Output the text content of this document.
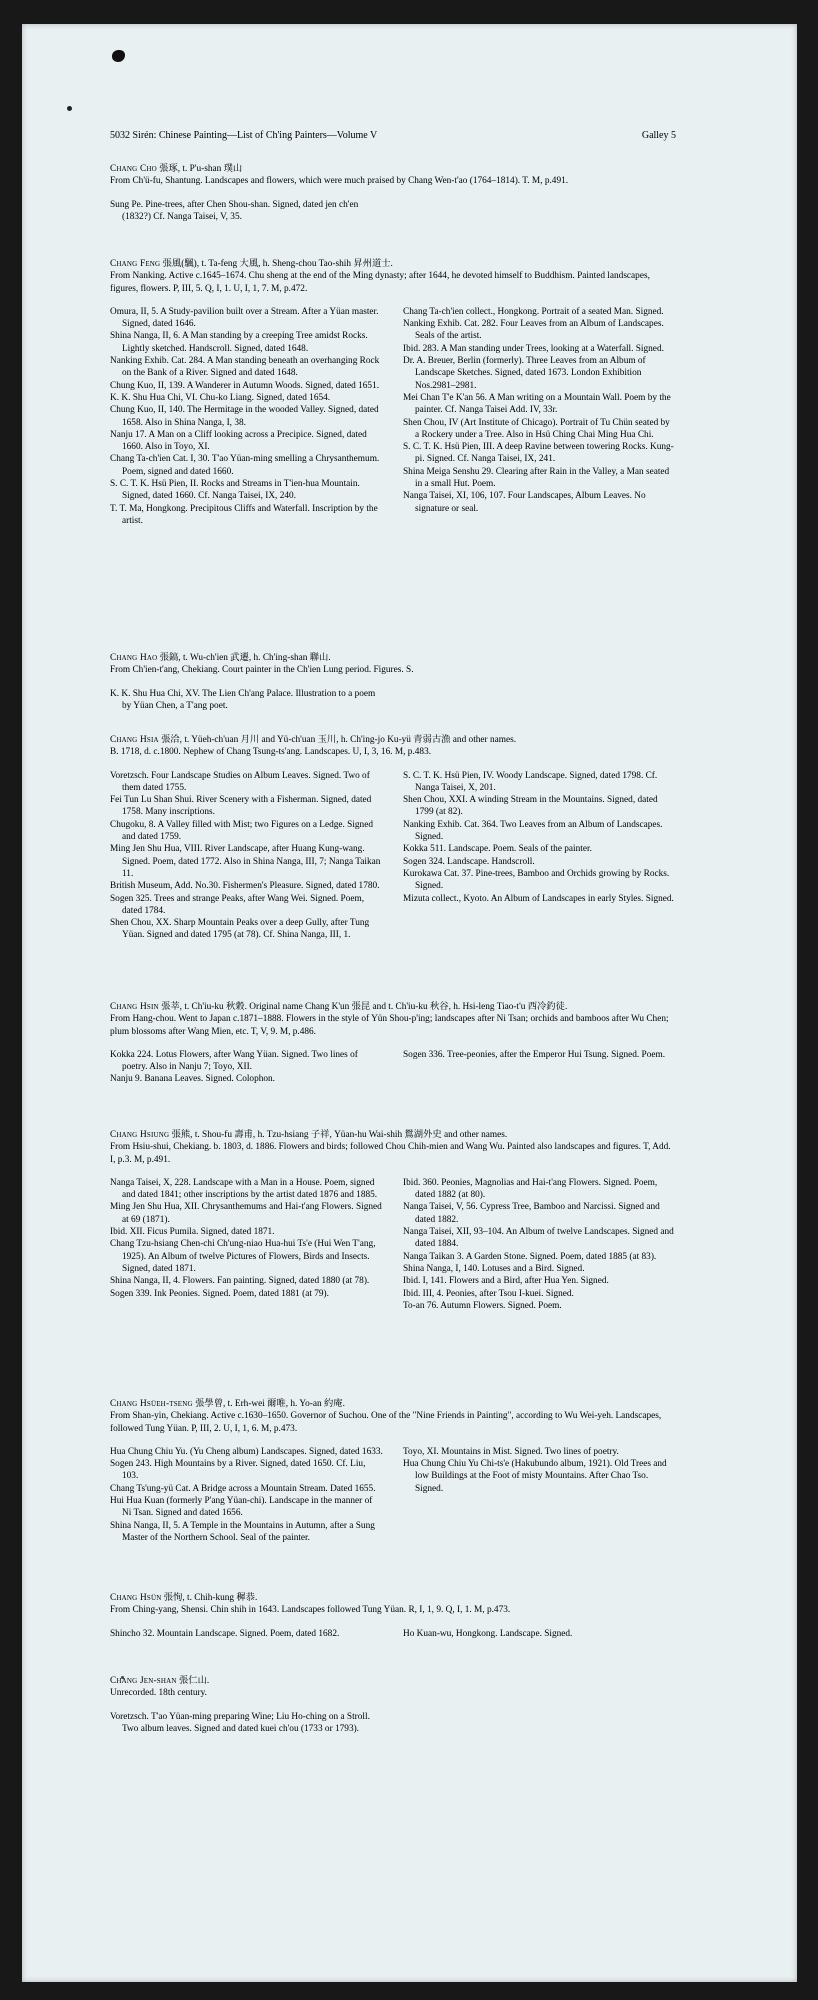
5032 Sirén: Chinese Painting—List of Ch'ing Painters—Volume V	Galley 5

Chang Cho 張琢, t. P'u-shan 璞山

From Ch'ü-fu, Shantung. Landscapes and flowers, which were much praised by Chang Wen-t'ao (1764–1814). T. M, p.491.

Sung Pe. Pine-trees, after Chen Shou-shan. Signed, dated jen ch'en (1832?) Cf. Nanga Taisei, V, 35.

Chang Feng 張風(颿), t. Ta-feng 大風, h. Sheng-chou Tao-shih 昇州道士.

From Nanking. Active c.1645–1674. Chu sheng at the end of the Ming dynasty; after 1644, he devoted himself to Buddhism. Painted landscapes, figures, flowers. P, III, 5. Q, I, 1. U, I, 1, 7. M, p.472.

Omura, II, 5. A Study-pavilion built over a Stream. After a Yüan master. Signed, dated 1646.

Shina Nanga, II, 6. A Man standing by a creeping Tree amidst Rocks. Lightly sketched. Handscroll. Signed, dated 1648.

Nanking Exhib. Cat. 284. A Man standing beneath an overhanging Rock on the Bank of a River. Signed and dated 1648.

Chung Kuo, II, 139. A Wanderer in Autumn Woods. Signed, dated 1651.

K. K. Shu Hua Chi, VI. Chu-ko Liang. Signed, dated 1654.

Chung Kuo, II, 140. The Hermitage in the wooded Valley. Signed, dated 1658. Also in Shina Nanga, I, 38.

Nanju 17. A Man on a Cliff looking across a Precipice. Signed, dated 1660. Also in Toyo, XI.

Chang Ta-ch'ien Cat. I, 30. T'ao Yüan-ming smelling a Chrysanthemum. Poem, signed and dated 1660.

S. C. T. K. Hsü Pien, II. Rocks and Streams in T'ien-hua Mountain. Signed, dated 1660. Cf. Nanga Taisei, IX, 240.

T. T. Ma, Hongkong. Precipitous Cliffs and Waterfall. Inscription by the artist.

Chang Ta-ch'ien collect., Hongkong. Portrait of a seated Man. Signed.

Nanking Exhib. Cat. 282. Four Leaves from an Album of Landscapes. Seals of the artist.

Ibid. 283. A Man standing under Trees, looking at a Waterfall. Signed.

Dr. A. Breuer, Berlin (formerly). Three Leaves from an Album of Landscape Sketches. Signed, dated 1673. London Exhibition Nos.2981–2981.

Mei Chan T'e K'an 56. A Man writing on a Mountain Wall. Poem by the painter. Cf. Nanga Taisei Add. IV, 33r.

Shen Chou, IV (Art Institute of Chicago). Portrait of Tu Chün seated by a Rockery under a Tree. Also in Hsü Ching Chai Ming Hua Chi.

S. C. T. K. Hsü Pien, III. A deep Ravine between towering Rocks. Kung-pi. Signed. Cf. Nanga Taisei, IX, 241.

Shina Meiga Senshu 29. Clearing after Rain in the Valley, a Man seated in a small Hut. Poem.

Nanga Taisei, XI, 106, 107. Four Landscapes, Album Leaves. No signature or seal.

Chang Hao 張鎬, t. Wu-ch'ien 武遷, h. Ch'ing-shan 聯山.

From Ch'ien-t'ang, Chekiang. Court painter in the Ch'ien Lung period. Figures. S.

K. K. Shu Hua Chi, XV. The Lien Ch'ang Palace. Illustration to a poem by Yüan Chen, a T'ang poet.

Chang Hsia 張洽, t. Yüeh-ch'uan 月川 and Yü-ch'uan 玉川, h. Ch'ing-jo Ku-yü 青弱古漁 and other names.

B. 1718, d. c.1800. Nephew of Chang Tsung-ts'ang. Landscapes. U, I, 3, 16. M, p.483.

Voretzsch. Four Landscape Studies on Album Leaves. Signed. Two of them dated 1755.

Fei Tun Lu Shan Shui. River Scenery with a Fisherman. Signed, dated 1758. Many inscriptions.

Chugoku, 8. A Valley filled with Mist; two Figures on a Ledge. Signed and dated 1759.

Ming Jen Shu Hua, VIII. River Landscape, after Huang Kung-wang. Signed. Poem, dated 1772. Also in Shina Nanga, III, 7; Nanga Taikan 11.

British Museum, Add. No.30. Fishermen's Pleasure. Signed, dated 1780.

Sogen 325. Trees and strange Peaks, after Wang Wei. Signed. Poem, dated 1784.

Shen Chou, XX. Sharp Mountain Peaks over a deep Gully, after Tung Yüan. Signed and dated 1795 (at 78). Cf. Shina Nanga, III, 1.

S. C. T. K. Hsü Pien, IV. Woody Landscape. Signed, dated 1798. Cf. Nanga Taisei, X, 201.

Shen Chou, XXI. A winding Stream in the Mountains. Signed, dated 1799 (at 82).

Nanking Exhib. Cat. 364. Two Leaves from an Album of Landscapes. Signed.

Kokka 511. Landscape. Poem. Seals of the painter.

Sogen 324. Landscape. Handscroll.

Kurokawa Cat. 37. Pine-trees, Bamboo and Orchids growing by Rocks. Signed.

Mizuta collect., Kyoto. An Album of Landscapes in early Styles. Signed.

Chang Hsin 張莘, t. Ch'iu-ku 秋穀. Original name Chang K'un 張昆 and t. Ch'iu-ku 秋谷, h. Hsi-leng Tiao-t'u 西冷釣徒.

From Hang-chou. Went to Japan c.1871–1888. Flowers in the style of Yün Shou-p'ing; landscapes after Ni Tsan; orchids and bamboos after Wu Chen; plum blossoms after Wang Mien, etc. T, V, 9. M, p.486.

Kokka 224. Lotus Flowers, after Wang Yüan. Signed. Two lines of poetry. Also in Nanju 7; Toyo, XII.

Nanju 9. Banana Leaves. Signed. Colophon.

Sogen 336. Tree-peonies, after the Emperor Hui Tsung. Signed. Poem.

Chang Hsiung 張熊, t. Shou-fu 壽甫, h. Tzu-hsiang 子祥, Yüan-hu Wai-shih 鴛湖外史 and other names.

From Hsiu-shui, Chekiang. b. 1803, d. 1886. Flowers and birds; followed Chou Chih-mien and Wang Wu. Painted also landscapes and figures. T, Add. I, p.3. M, p.491.

Nanga Taisei, X, 228. Landscape with a Man in a House. Poem, signed and dated 1841; other inscriptions by the artist dated 1876 and 1885.

Ming Jen Shu Hua, XII. Chrysanthemums and Hai-t'ang Flowers. Signed at 69 (1871).

Ibid. XII. Ficus Pumila. Signed, dated 1871.

Chang Tzu-hsiang Chen-chi Ch'ung-niao Hua-hui Ts'e (Hui Wen T'ang, 1925). An Album of twelve Pictures of Flowers, Birds and Insects. Signed, dated 1871.

Shina Nanga, II, 4. Flowers. Fan painting. Signed, dated 1880 (at 78).

Sogen 339. Ink Peonies. Signed. Poem, dated 1881 (at 79).

Ibid. 360. Peonies, Magnolias and Hai-t'ang Flowers. Signed. Poem, dated 1882 (at 80).

Nanga Taisei, V, 56. Cypress Tree, Bamboo and Narcissi. Signed and dated 1882.

Nanga Taisei, XII, 93–104. An Album of twelve Landscapes. Signed and dated 1884.

Nanga Taikan 3. A Garden Stone. Signed. Poem, dated 1885 (at 83).

Shina Nanga, I, 140. Lotuses and a Bird. Signed.

Ibid. I, 141. Flowers and a Bird, after Hua Yen. Signed.

Ibid. III, 4. Peonies, after Tsou I-kuei. Signed.

To-an 76. Autumn Flowers. Signed. Poem.

Chang Hsüeh-tseng 張學曾, t. Erh-wei 爾唯, h. Yo-an 約庵.

From Shan-yin, Chekiang. Active c.1630–1650. Governor of Suchou. One of the "Nine Friends in Painting", according to Wu Wei-yeh. Landscapes, followed Tung Yüan. P, III, 2. U, I, 1, 6. M, p.473.

Hua Chung Chiu Yu. (Yu Cheng album) Landscapes. Signed, dated 1633.

Sogen 243. High Mountains by a River. Signed, dated 1650. Cf. Liu, 103.

Chang Ts'ung-yü Cat. A Bridge across a Mountain Stream. Dated 1655.

Hui Hua Kuan (formerly P'ang Yüan-chi). Landscape in the manner of Ni Tsan. Signed and dated 1656.

Shina Nanga, II, 5. A Temple in the Mountains in Autumn, after a Sung Master of the Northern School. Seal of the painter.

Toyo, XI. Mountains in Mist. Signed. Two lines of poetry.

Hua Chung Chiu Yu Chi-ts'e (Hakubundo album, 1921). Old Trees and low Buildings at the Foot of misty Mountains. After Chao Tso. Signed.

Chang Hsün 張恂, t. Chih-kung 穉恭.

From Ching-yang, Shensi. Chin shih in 1643. Landscapes followed Tung Yüan. R, I, 1, 9. Q, I, 1. M, p.473.

Shincho 32. Mountain Landscape. Signed. Poem, dated 1682.	Ho Kuan-wu, Hongkong. Landscape. Signed.

Chang Jen-shan 張仁山.

Unrecorded. 18th century.

Voretzsch. T'ao Yüan-ming preparing Wine; Liu Ho-ching on a Stroll. Two album leaves. Signed and dated kuei ch'ou (1733 or 1793).
